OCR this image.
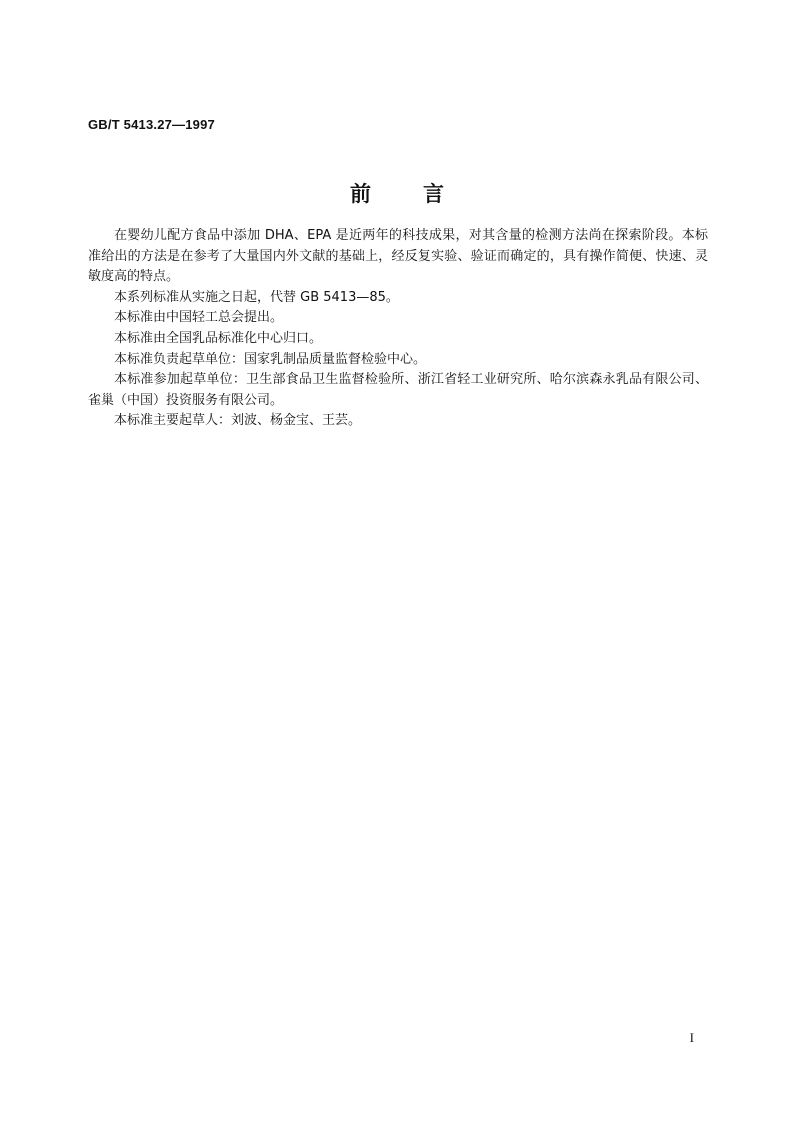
GB/T 5413.27—1997
前 言

在婴幼儿配方食品中添加 DHA、EPA 是近两年的科技成果，对其含量的检测方法尚在探索阶段。本标准给出的方法是在参考了大量国内外文献的基础上，经反复实验、验证而确定的，具有操作简便、快速、灵敏度高的特点。

本系列标准从实施之日起，代替 GB 5413—85。

本标准由中国轻工总会提出。

本标准由全国乳品标准化中心归口。

本标准负责起草单位：国家乳制品质量监督检验中心。

本标准参加起草单位：卫生部食品卫生监督检验所、浙江省轻工业研究所、哈尔滨森永乳品有限公司、雀巢（中国）投资服务有限公司。

本标准主要起草人：刘波、杨金宝、王芸。

I
